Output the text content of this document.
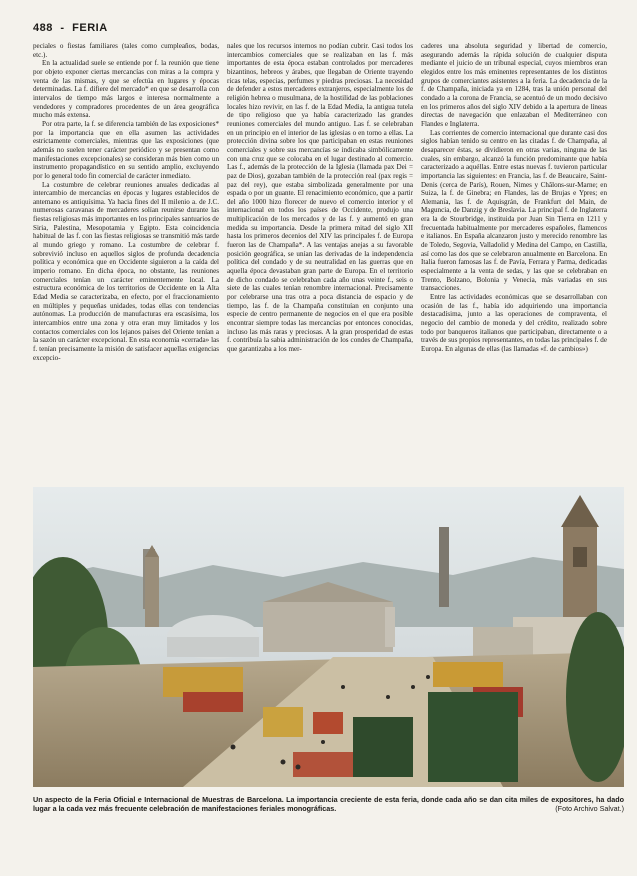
488 - FERIA

peciales o fiestas familiares (tales como cumpleaños, bodas, etc.).

En la actualidad suele se entiende por f. la reunión que tiene por objeto exponer ciertas mercancías con miras a la compra y venta de las mismas, y que se efectúa en lugares y épocas determinadas. La f. difiere del mercado* en que se desarrolla con intervalos de tiempo más largos e interesa normalmente a vendedores y compradores procedentes de un área geográfica mucho más extensa.

Por otra parte, la f. se diferencia también de las exposiciones* por la importancia que en ella asumen las actividades estrictamente comerciales, mientras que las exposiciones (que además no suelen tener carácter periódico y se presentan como manifestaciones excepcionales) se consideran más bien como un instrumento propagandístico en su sentido amplio, excluyendo por lo general todo fin comercial de carácter inmediato.

La costumbre de celebrar reuniones anuales dedicadas al intercambio de mercancías en épocas y lugares establecidos de antemano es antiquísima. Ya hacia fines del II milenio a. de J.C. numerosas caravanas de mercaderes solían reunirse durante las fiestas religiosas más importantes en los principales santuarios de Siria, Palestina, Mesopotamia y Egipto. Esta coincidencia habitual de las f. con las fiestas religiosas se transmitió más tarde al mundo griego y romano. La costumbre de celebrar f. sobrevivió incluso en aquellos siglos de profunda decadencia política y económica que en Occidente siguieron a la caída del imperio romano. En dicha época, no obstante, las reuniones comerciales tenían un carácter eminentemente local. La estructura económica de los territorios de Occidente en la Alta Edad Media se caracterizaba, en efecto, por el fraccionamiento en múltiples y pequeñas unidades, todas ellas con tendencias autónomas. La producción de manufacturas era escasísima, los intercambios entre una zona y otra eran muy limitados y los contactos comerciales con los lejanos países del Oriente tenían a la sazón un carácter excepcional. En esta economía «cerrada» las f. tenían precisamente la misión de satisfacer aquellas exigencias excepcio-

nales que los recursos internos no podían cubrir. Casi todos los intercambios comerciales que se realizaban en las f. más importantes de esta época estaban controlados por mercaderes bizantinos, hebreos y árabes, que llegaban de Oriente trayendo ricas telas, especias, perfumes y piedras preciosas. La necesidad de defender a estos mercaderes extranjeros, especialmente los de religión hebrea o musulmana, de la hostilidad de las poblaciones locales hizo revivir, en las f. de la Edad Media, la antigua tutela de tipo religioso que ya había caracterizado las grandes reuniones comerciales del mundo antiguo. Las f. se celebraban en un principio en el interior de las iglesias o en torno a ellas. La protección divina sobre los que participaban en estas reuniones comerciales y sobre sus mercancías se indicaba simbólicamente con una cruz que se colocaba en el lugar destinado al comercio. Las f., además de la protección de la Iglesia (llamada pax Dei = paz de Dios), gozaban también de la protección real (pax regis = paz del rey), que estaba simbolizada generalmente por una espada o por un guante. El renacimiento económico, que a partir del año 1000 hizo florecer de nuevo el comercio interior y el internacional en todos los países de Occidente, produjo una multiplicación de los mercados y de las f. y aumentó en gran medida su importancia. Desde la primera mitad del siglo XII hasta los primeros decenios del XIV las principales f. de Europa fueron las de Champaña*. A las ventajas anejas a su favorable posición geográfica, se unían las derivadas de la independencia política del condado y de su neutralidad en las guerras que en aquella época devastaban gran parte de Europa. En el territorio de dicho condado se celebraban cada año unas veinte f., seis o siete de las cuales tenían renombre internacional. Precisamente por celebrarse una tras otra a poca distancia de espacio y de tiempo, las f. de la Champaña constituían en conjunto una especie de centro permanente de negocios en el que era posible encontrar siempre todas las mercancías por entonces conocidas, incluso las más raras y preciosas. A la gran prosperidad de estas f. contribuía la sabia administración de los condes de Champaña, que garantizaba a los mer-

caderes una absoluta seguridad y libertad de comercio, asegurando además la rápida solución de cualquier disputa mediante el juicio de un tribunal especial, cuyos miembros eran elegidos entre los más eminentes representantes de los distintos grupos de comerciantes asistentes a la feria. La decadencia de la f. de Champaña, iniciada ya en 1284, tras la unión personal del condado a la corona de Francia, se acentuó de un modo decisivo en los primeros años del siglo XIV debido a la apertura de líneas directas de navegación que enlazaban el Mediterráneo con Flandes e Inglaterra.

Las corrientes de comercio internacional que durante casi dos siglos habían tenido su centro en las citadas f. de Champaña, al desaparecer éstas, se dividieron en otras varias, ninguna de las cuales, sin embargo, alcanzó la función predominante que había caracterizado a aquéllas. Entre estas nuevas f. tuvieron particular importancia las siguientes: en Francia, las f. de Beaucaire, Saint-Denis (cerca de París), Rouen, Nimes y Châlons-sur-Marne; en Suiza, la f. de Ginebra; en Flandes, las de Brujas e Ypres; en Alemania, las f. de Aquisgrán, de Frankfurt del Main, de Maguncia, de Danzig y de Breslavia. La principal f. de Inglaterra era la de Stourbridge, instituida por Juan Sin Tierra en 1211 y frecuentada habitualmente por mercaderes españoles, flamencos e italianos. En España alcanzaron justo y merecido renombre las de Toledo, Segovia, Valladolid y Medina del Campo, en Castilla, así como las dos que se celebraron anualmente en Barcelona. En Italia fueron famosas las f. de Pavía, Ferrara y Parma, dedicadas especialmente a la venta de sedas, y las que se celebraban en Trento, Bolzano, Bolonia y Venecia, más variadas en sus transacciones.

Entre las actividades económicas que se desarrollaban con ocasión de las f., había ido adquiriendo una importancia destacadísima, junto a las operaciones de compraventa, el negocio del cambio de moneda y del crédito, realizado sobre todo por banqueros italianos que participaban, directamente o a través de sus propios representantes, en todas las principales f. de Europa. En algunas de ellas (las llamadas «f. de cambios»)

Un aspecto de la Feria Oficial e Internacional de Muestras de Barcelona. La importancia creciente de esta feria, donde cada año se dan cita miles de expositores, ha dado lugar a la cada vez más frecuente celebración de manifestaciones feriales monográficas.	(Foto Archivo Salvat.)
